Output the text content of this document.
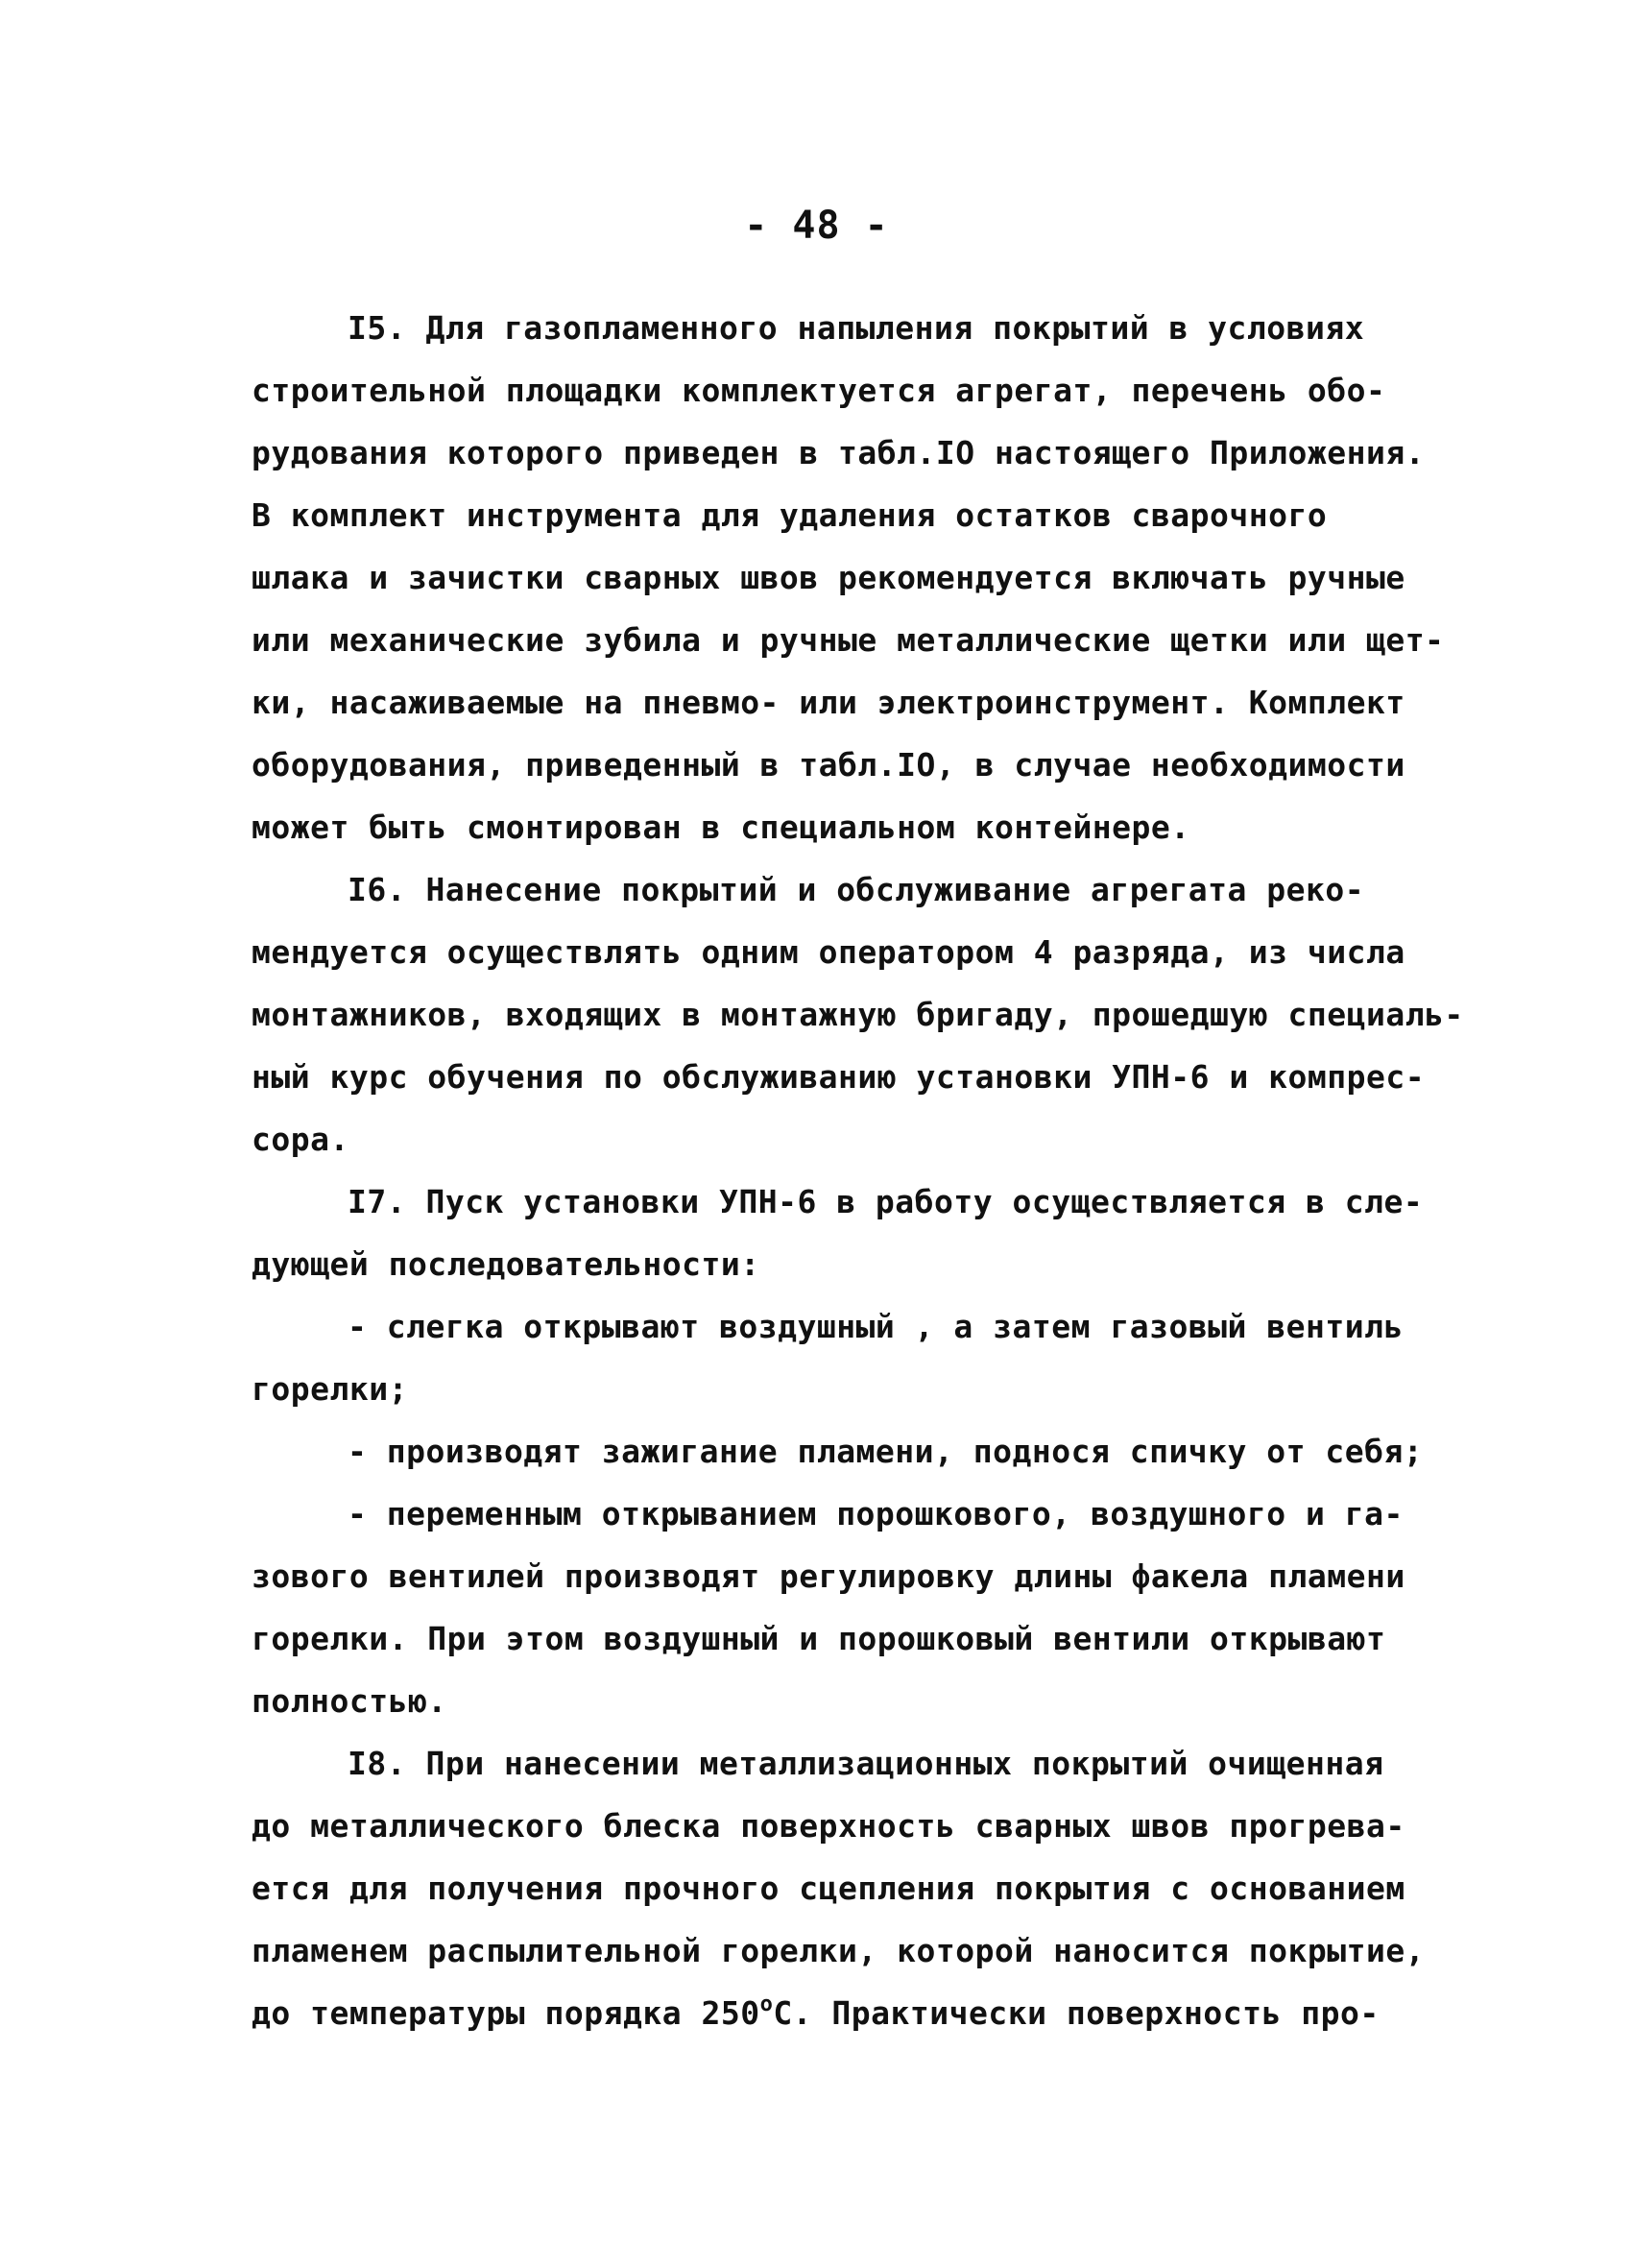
- 48 -
I5. Для газопламенного напыления покрытий в условиях
строительной площадки комплектуется агрегат, перечень обо-
рудования которого приведен в табл.IO настоящего Приложения.
В комплект инструмента для удаления остатков сварочного
шлака и зачистки сварных швов рекомендуется включать ручные
или механические зубила и ручные металлические щетки или щет-
ки, насаживаемые на пневмо- или электроинструмент. Комплект
оборудования, приведенный в табл.IO, в случае необходимости
может быть смонтирован в специальном контейнере.
I6. Нанесение покрытий и обслуживание агрегата реко-
мендуется осуществлять одним оператором 4 разряда, из числа
монтажников, входящих в монтажную бригаду, прошедшую специаль-
ный курс обучения по обслуживанию установки УПН-6 и компрес-
сора.
I7. Пуск установки УПН-6 в работу осуществляется в сле-
дующей последовательности:
- слегка открывают воздушный , а затем газовый вентиль
горелки;
- производят зажигание пламени, поднося спичку от себя;
- переменным открыванием порошкового, воздушного и га-
зового вентилей производят регулировку длины факела пламени
горелки. При этом воздушный и порошковый вентили открывают
полностью.
I8. При нанесении металлизационных покрытий очищенная
до металлического блеска поверхность сварных швов прогрева-
ется для получения прочного сцепления покрытия с основанием
пламенем распылительной горелки, которой наносится покрытие,
до температуры порядка $250^оС$. Практически поверхность про-
